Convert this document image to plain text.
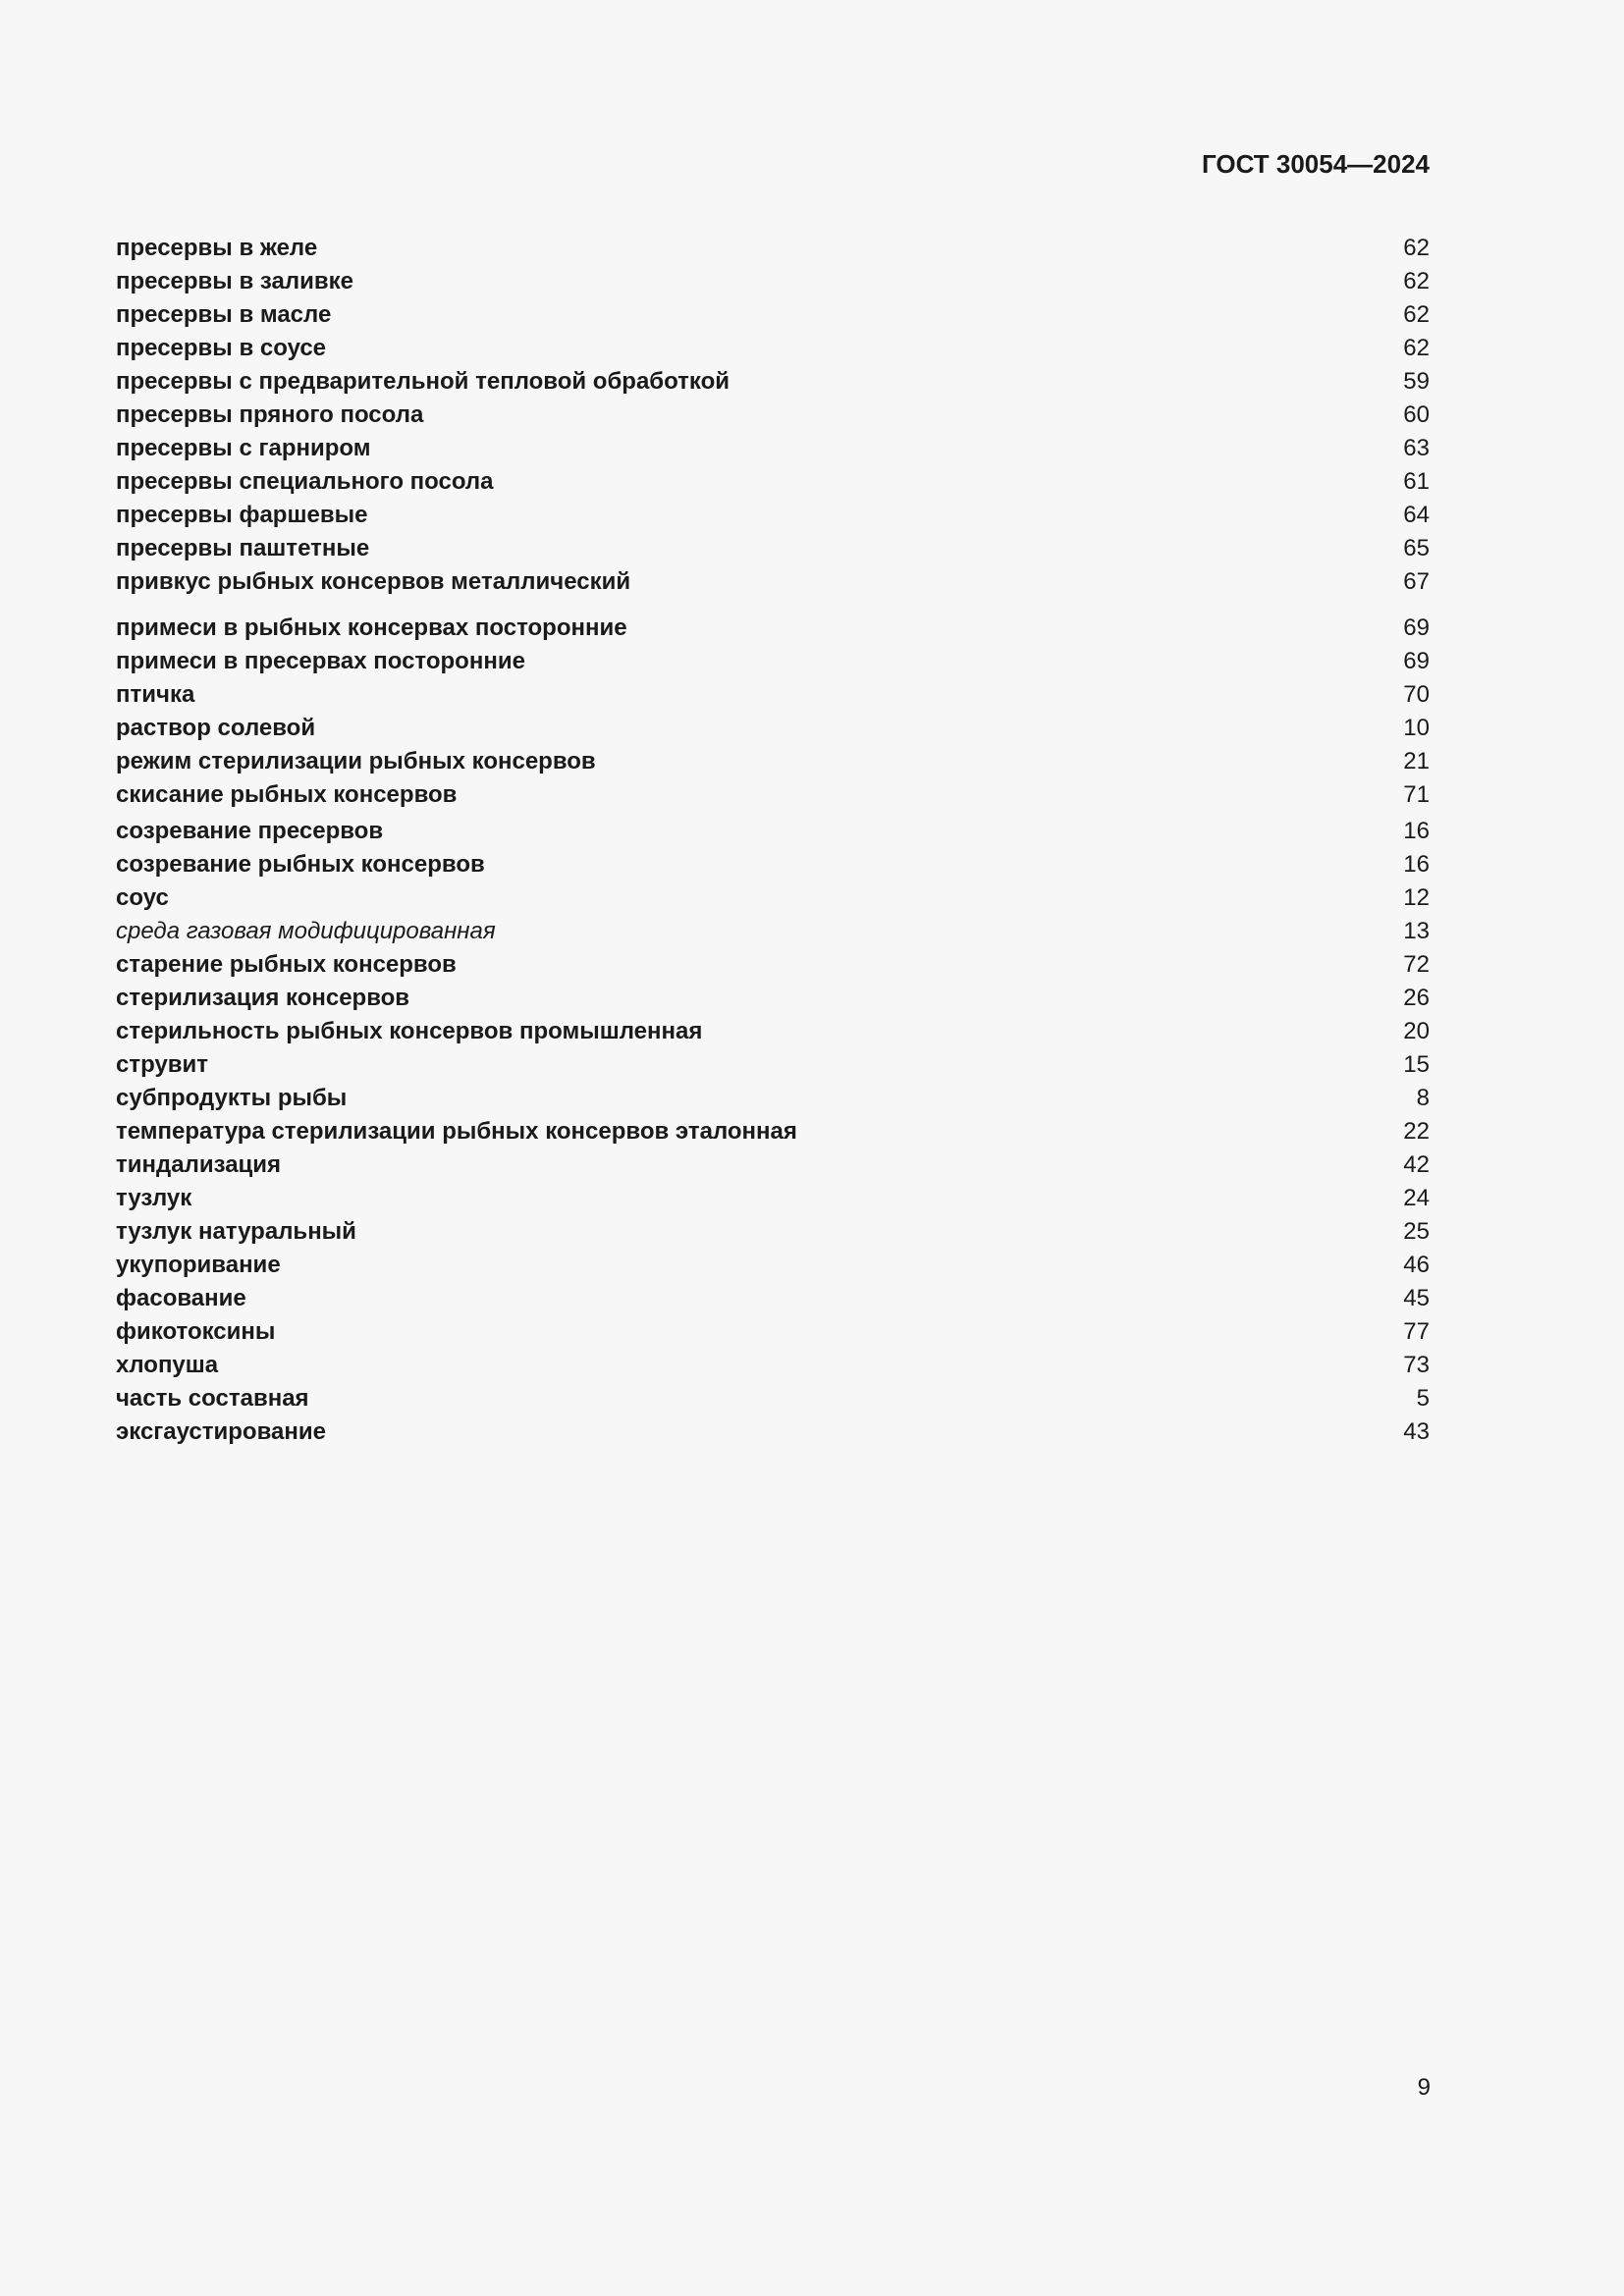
ГОСТ 30054—2024
пресервы в желе	62
пресервы в заливке	62
пресервы в масле	62
пресервы в соусе	62
пресервы с предварительной тепловой обработкой	59
пресервы пряного посола	60
пресервы с гарниром	63
пресервы специального посола	61
пресервы фаршевые	64
пресервы паштетные	65
привкус рыбных консервов металлический	67
примеси в рыбных консервах посторонние	69
примеси в пресервах посторонние	69
птичка	70
раствор солевой	10
режим стерилизации рыбных консервов	21
скисание рыбных консервов	71
созревание пресервов	16
созревание рыбных консервов	16
соус	12
среда газовая модифицированная	13
старение рыбных консервов	72
стерилизация консервов	26
стерильность рыбных консервов промышленная	20
струвит	15
субпродукты рыбы	8
температура стерилизации рыбных консервов эталонная	22
тиндализация	42
тузлук	24
тузлук натуральный	25
укупоривание	46
фасование	45
фикотоксины	77
хлопуша	73
часть составная	5
эксгаустирование	43
9
